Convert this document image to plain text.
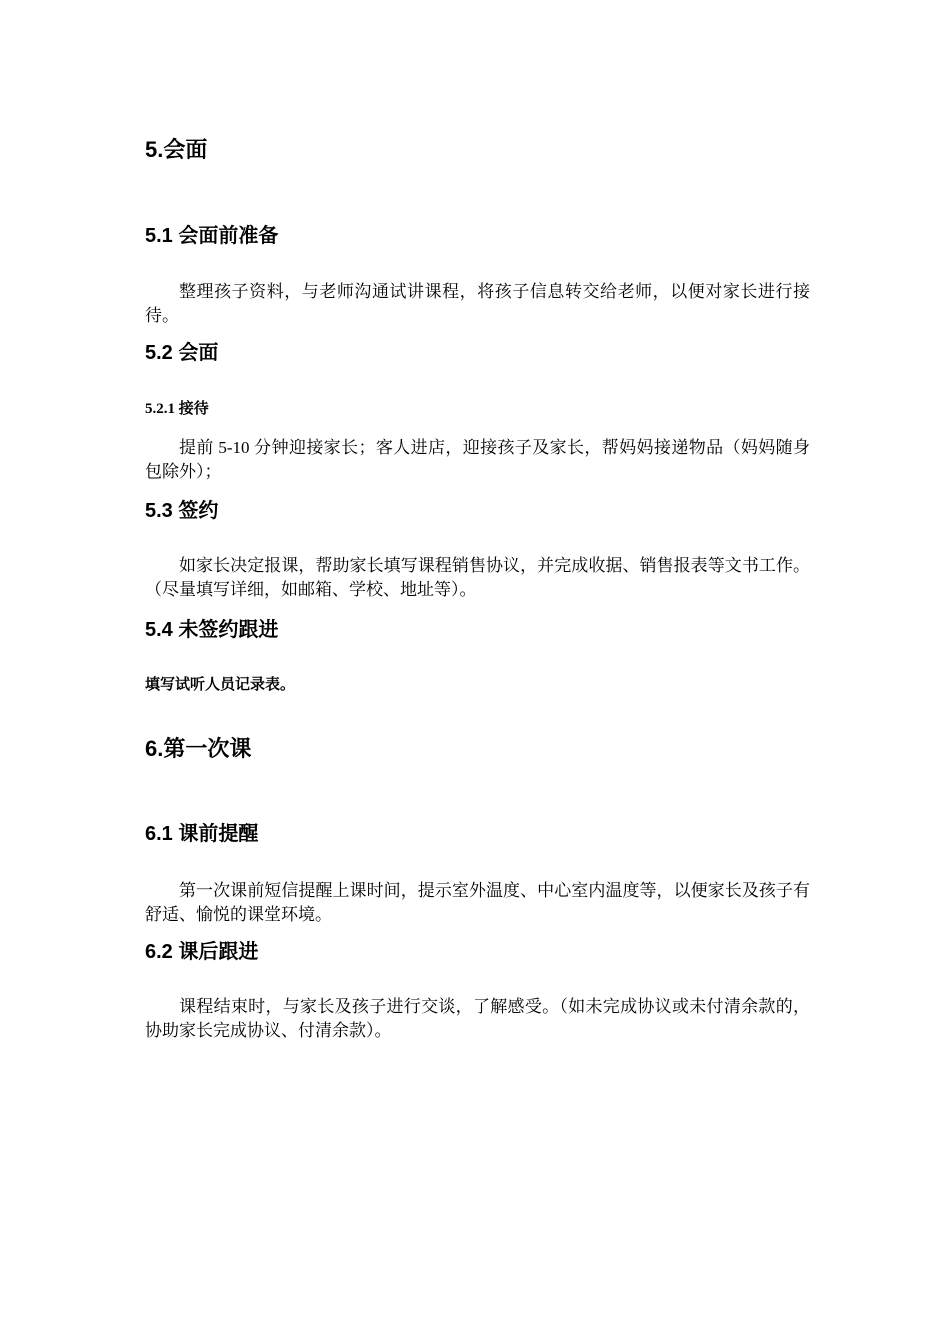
5.会面
5.1 会面前准备

整理孩子资料，与老师沟通试讲课程，将孩子信息转交给老师，以便对家长进行接待。

5.2 会面
5.2.1 接待

提前 5-10 分钟迎接家长；客人进店，迎接孩子及家长，帮妈妈接递物品（妈妈随身包除外）；

5.3 签约

如家长决定报课，帮助家长填写课程销售协议，并完成收据、销售报表等文书工作。（尽量填写详细，如邮箱、学校、地址等）。

5.4 未签约跟进
填写试听人员记录表。
6.第一次课
6.1 课前提醒

第一次课前短信提醒上课时间，提示室外温度、中心室内温度等，以便家长及孩子有舒适、愉悦的课堂环境。

6.2 课后跟进

课程结束时，与家长及孩子进行交谈，了解感受。（如未完成协议或未付清余款的，协助家长完成协议、付清余款）。
